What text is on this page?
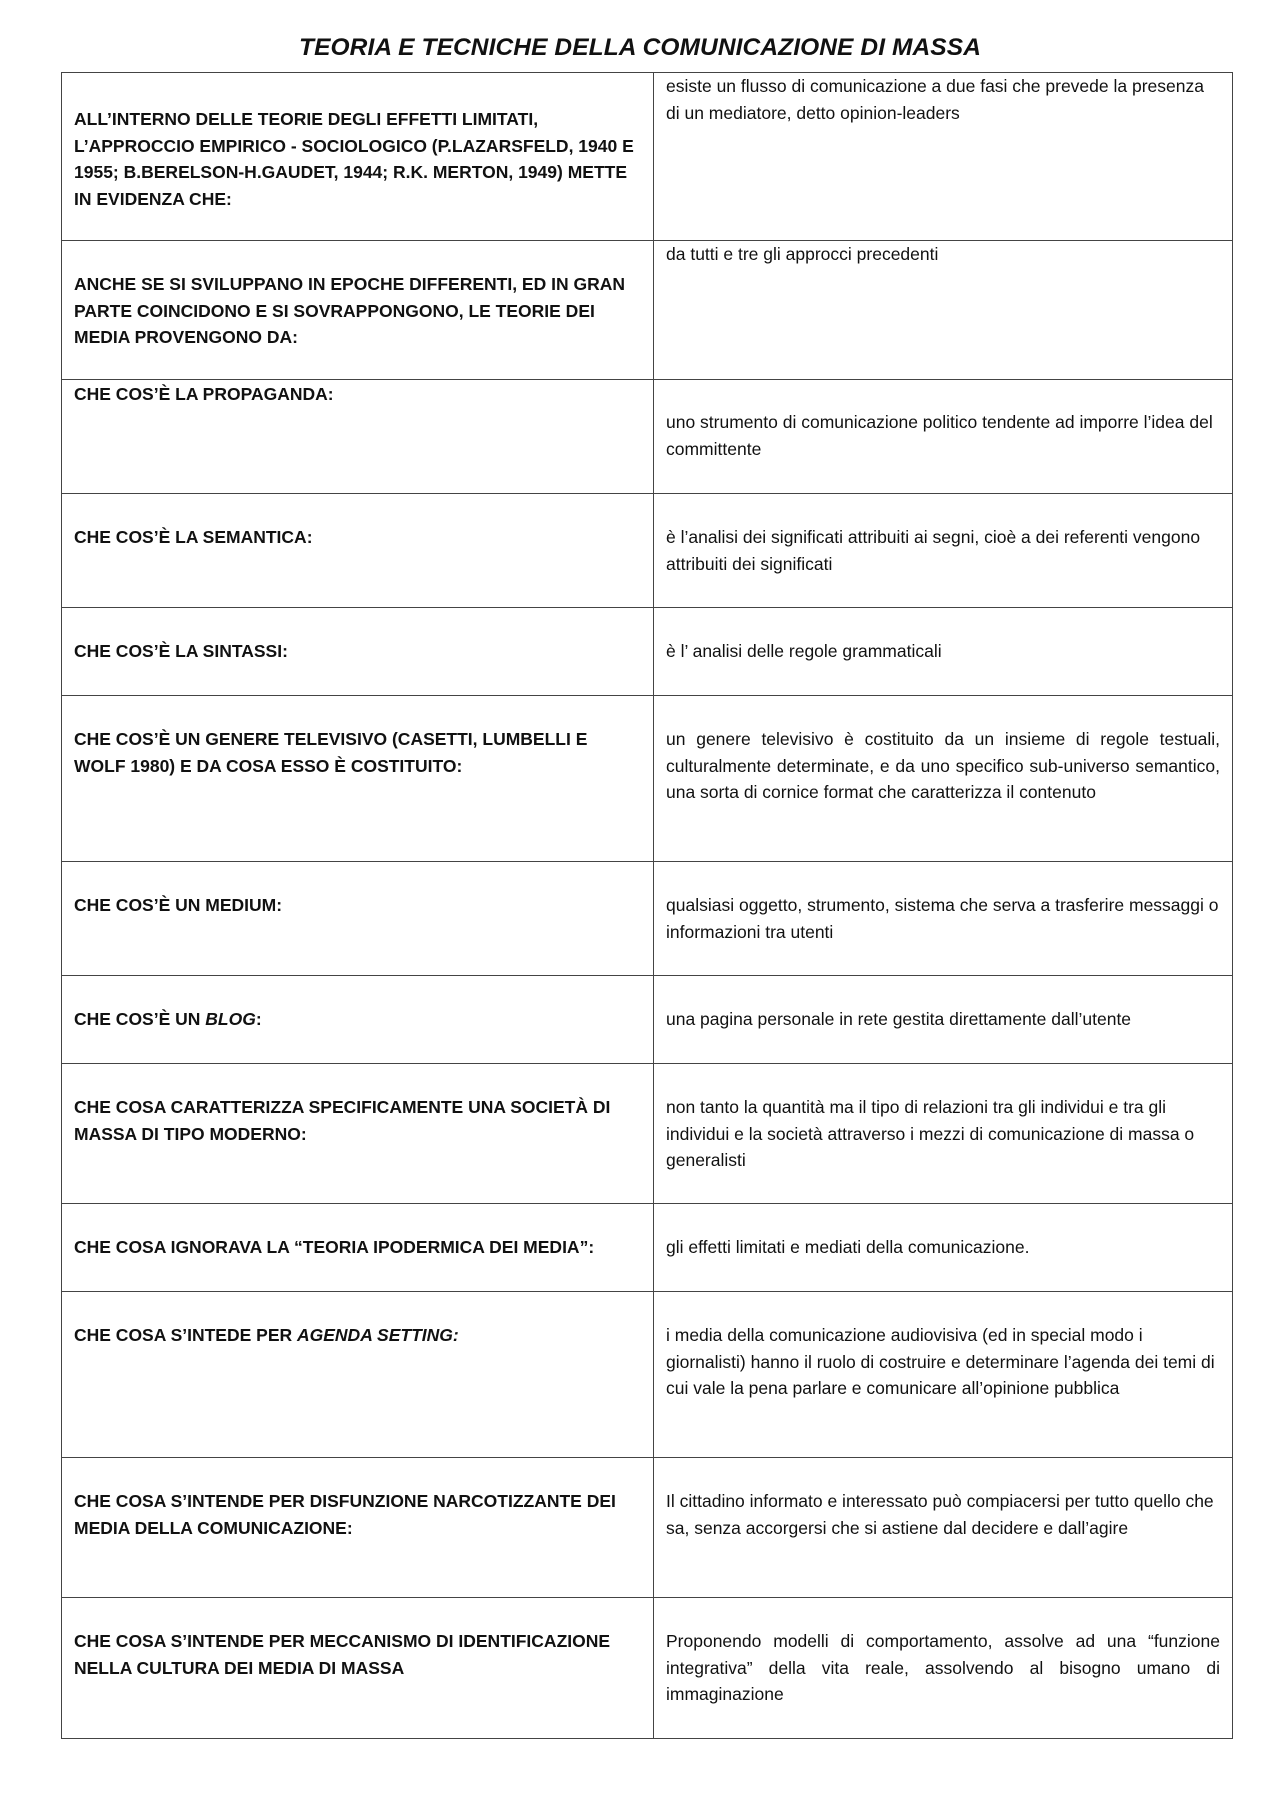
TEORIA E TECNICHE DELLA COMUNICAZIONE DI MASSA
ALL’INTERNO DELLE TEORIE DEGLI EFFETTI LIMITATI, L’APPROCCIO EMPIRICO - SOCIOLOGICO (P.LAZARSFELD, 1940 E 1955; B.BERELSON-H.GAUDET, 1944; R.K. MERTON, 1949) METTE IN EVIDENZA CHE:	esiste un flusso di comunicazione a due fasi che prevede la presenza di un mediatore, detto opinion-leaders
ANCHE SE SI SVILUPPANO IN EPOCHE DIFFERENTI, ED IN GRAN PARTE COINCIDONO E SI SOVRAPPONGONO, LE TEORIE DEI MEDIA PROVENGONO DA:	da tutti e tre gli approcci precedenti
CHE COS’È LA PROPAGANDA:	uno strumento di comunicazione politico tendente ad imporre l’idea del committente
CHE COS’È LA SEMANTICA:	è l’analisi dei significati attribuiti ai segni, cioè a dei referenti vengono attribuiti dei significati
CHE COS’È LA SINTASSI:	è l’ analisi delle regole grammaticali
CHE COS’È UN GENERE TELEVISIVO (CASETTI, LUMBELLI E WOLF 1980) E DA COSA ESSO È COSTITUITO:	un genere televisivo è costituito da un insieme di regole testuali, culturalmente determinate, e da uno specifico sub-universo semantico, una sorta di cornice format che caratterizza il contenuto
CHE COS’È UN MEDIUM:	qualsiasi oggetto, strumento, sistema che serva a trasferire messaggi o informazioni tra utenti
CHE COS’È UN BLOG:	una pagina personale in rete gestita direttamente dall’utente
CHE COSA CARATTERIZZA SPECIFICAMENTE UNA SOCIETÀ DI MASSA DI TIPO MODERNO:	non tanto la quantità ma il tipo di relazioni tra gli individui e tra gli individui e la società attraverso i mezzi di comunicazione di massa o generalisti
CHE COSA IGNORAVA LA “TEORIA IPODERMICA DEI MEDIA”:	gli effetti limitati e mediati della comunicazione.
CHE COSA S’INTEDE PER AGENDA SETTING:	i media della comunicazione audiovisiva (ed in special modo i giornalisti) hanno il ruolo di costruire e determinare l’agenda dei temi di cui vale la pena parlare e comunicare all’opinione pubblica
CHE COSA S’INTENDE PER DISFUNZIONE NARCOTIZZANTE DEI MEDIA DELLA COMUNICAZIONE:	Il cittadino informato e interessato può compiacersi per tutto quello che sa, senza accorgersi che si astiene dal decidere e dall’agire
CHE COSA S’INTENDE PER MECCANISMO DI IDENTIFICAZIONE NELLA CULTURA DEI MEDIA DI MASSA	Proponendo modelli di comportamento, assolve ad una “funzione integrativa” della vita reale, assolvendo al bisogno umano di immaginazione
